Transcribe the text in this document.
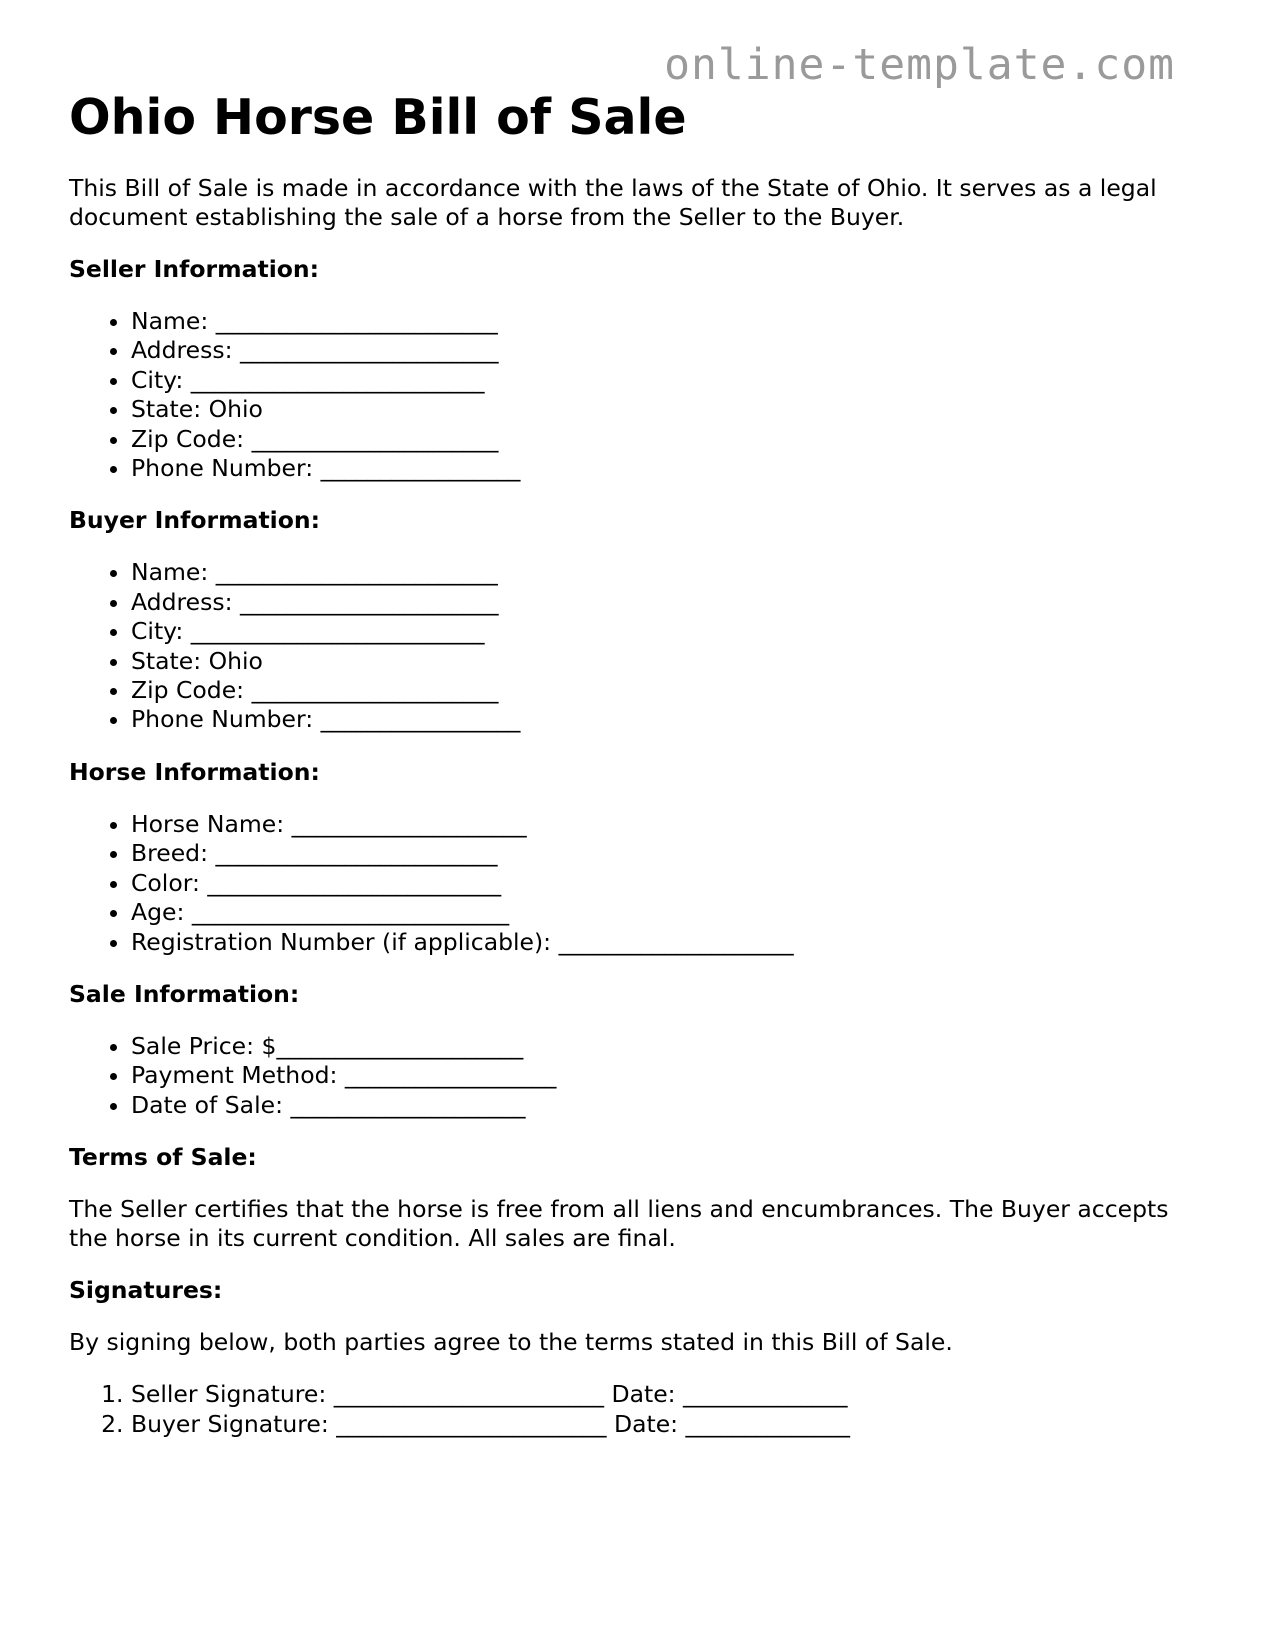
online-template.com
Ohio Horse Bill of Sale

This Bill of Sale is made in accordance with the laws of the State of Ohio. It serves as a legal document establishing the sale of a horse from the Seller to the Buyer.

Seller Information:
• Name: ________________________
• Address: ______________________
• City: _________________________
• State: Ohio
• Zip Code: _____________________
• Phone Number: _________________
Buyer Information:
• Name: ________________________
• Address: ______________________
• City: _________________________
• State: Ohio
• Zip Code: _____________________
• Phone Number: _________________
Horse Information:
• Horse Name: ____________________
• Breed: ________________________
• Color: _________________________
• Age: ___________________________
• Registration Number (if applicable): ____________________
Sale Information:
• Sale Price: $_____________________
• Payment Method: __________________
• Date of Sale: ____________________
Terms of Sale:

The Seller certifies that the horse is free from all liens and encumbrances. The Buyer accepts the horse in its current condition. All sales are final.

Signatures:

By signing below, both parties agree to the terms stated in this Bill of Sale.

1. Seller Signature: _______________________ Date: ______________
2. Buyer Signature: _______________________ Date: ______________
